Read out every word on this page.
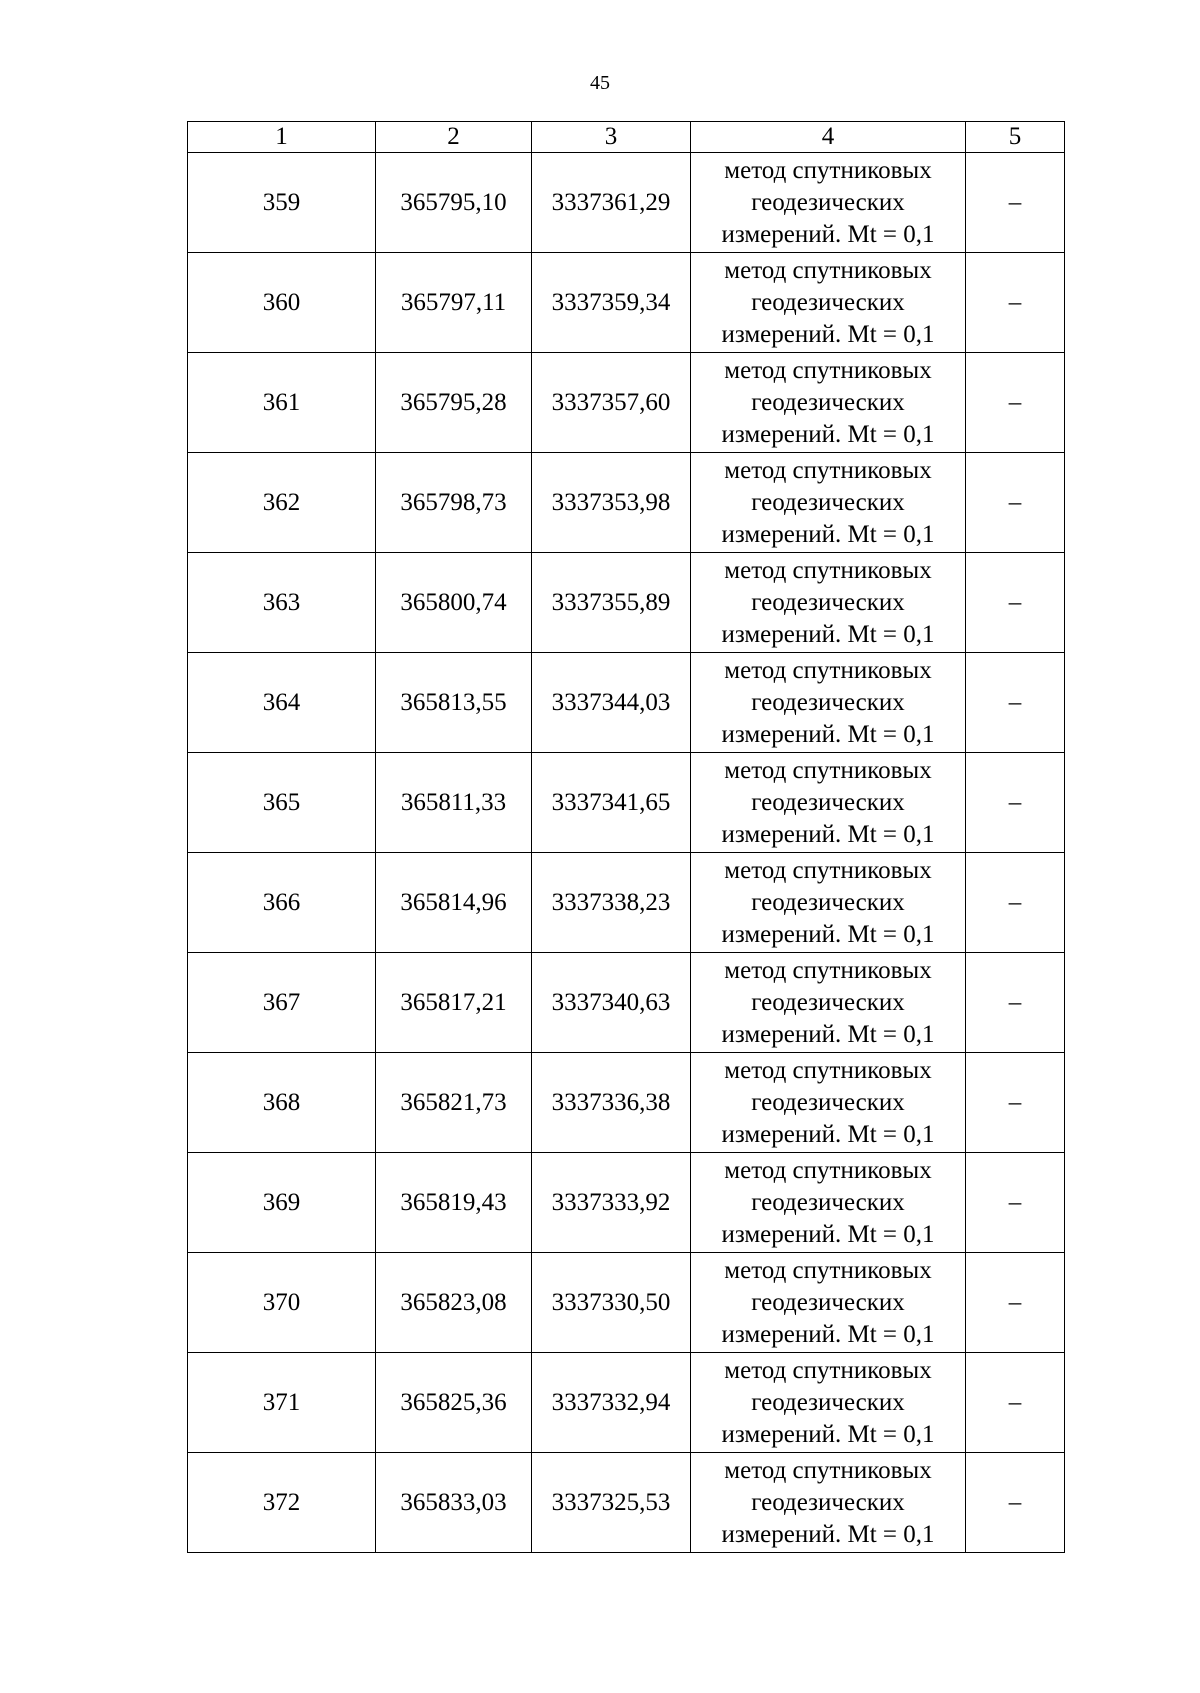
45
1	2	3	4	5
359	365795,10	3337361,29	метод спутниковых
геодезических
измерений. Mt = 0,1	–
360	365797,11	3337359,34	метод спутниковых
геодезических
измерений. Mt = 0,1	–
361	365795,28	3337357,60	метод спутниковых
геодезических
измерений. Mt = 0,1	–
362	365798,73	3337353,98	метод спутниковых
геодезических
измерений. Mt = 0,1	–
363	365800,74	3337355,89	метод спутниковых
геодезических
измерений. Mt = 0,1	–
364	365813,55	3337344,03	метод спутниковых
геодезических
измерений. Mt = 0,1	–
365	365811,33	3337341,65	метод спутниковых
геодезических
измерений. Mt = 0,1	–
366	365814,96	3337338,23	метод спутниковых
геодезических
измерений. Mt = 0,1	–
367	365817,21	3337340,63	метод спутниковых
геодезических
измерений. Mt = 0,1	–
368	365821,73	3337336,38	метод спутниковых
геодезических
измерений. Mt = 0,1	–
369	365819,43	3337333,92	метод спутниковых
геодезических
измерений. Mt = 0,1	–
370	365823,08	3337330,50	метод спутниковых
геодезических
измерений. Mt = 0,1	–
371	365825,36	3337332,94	метод спутниковых
геодезических
измерений. Mt = 0,1	–
372	365833,03	3337325,53	метод спутниковых
геодезических
измерений. Mt = 0,1	–
